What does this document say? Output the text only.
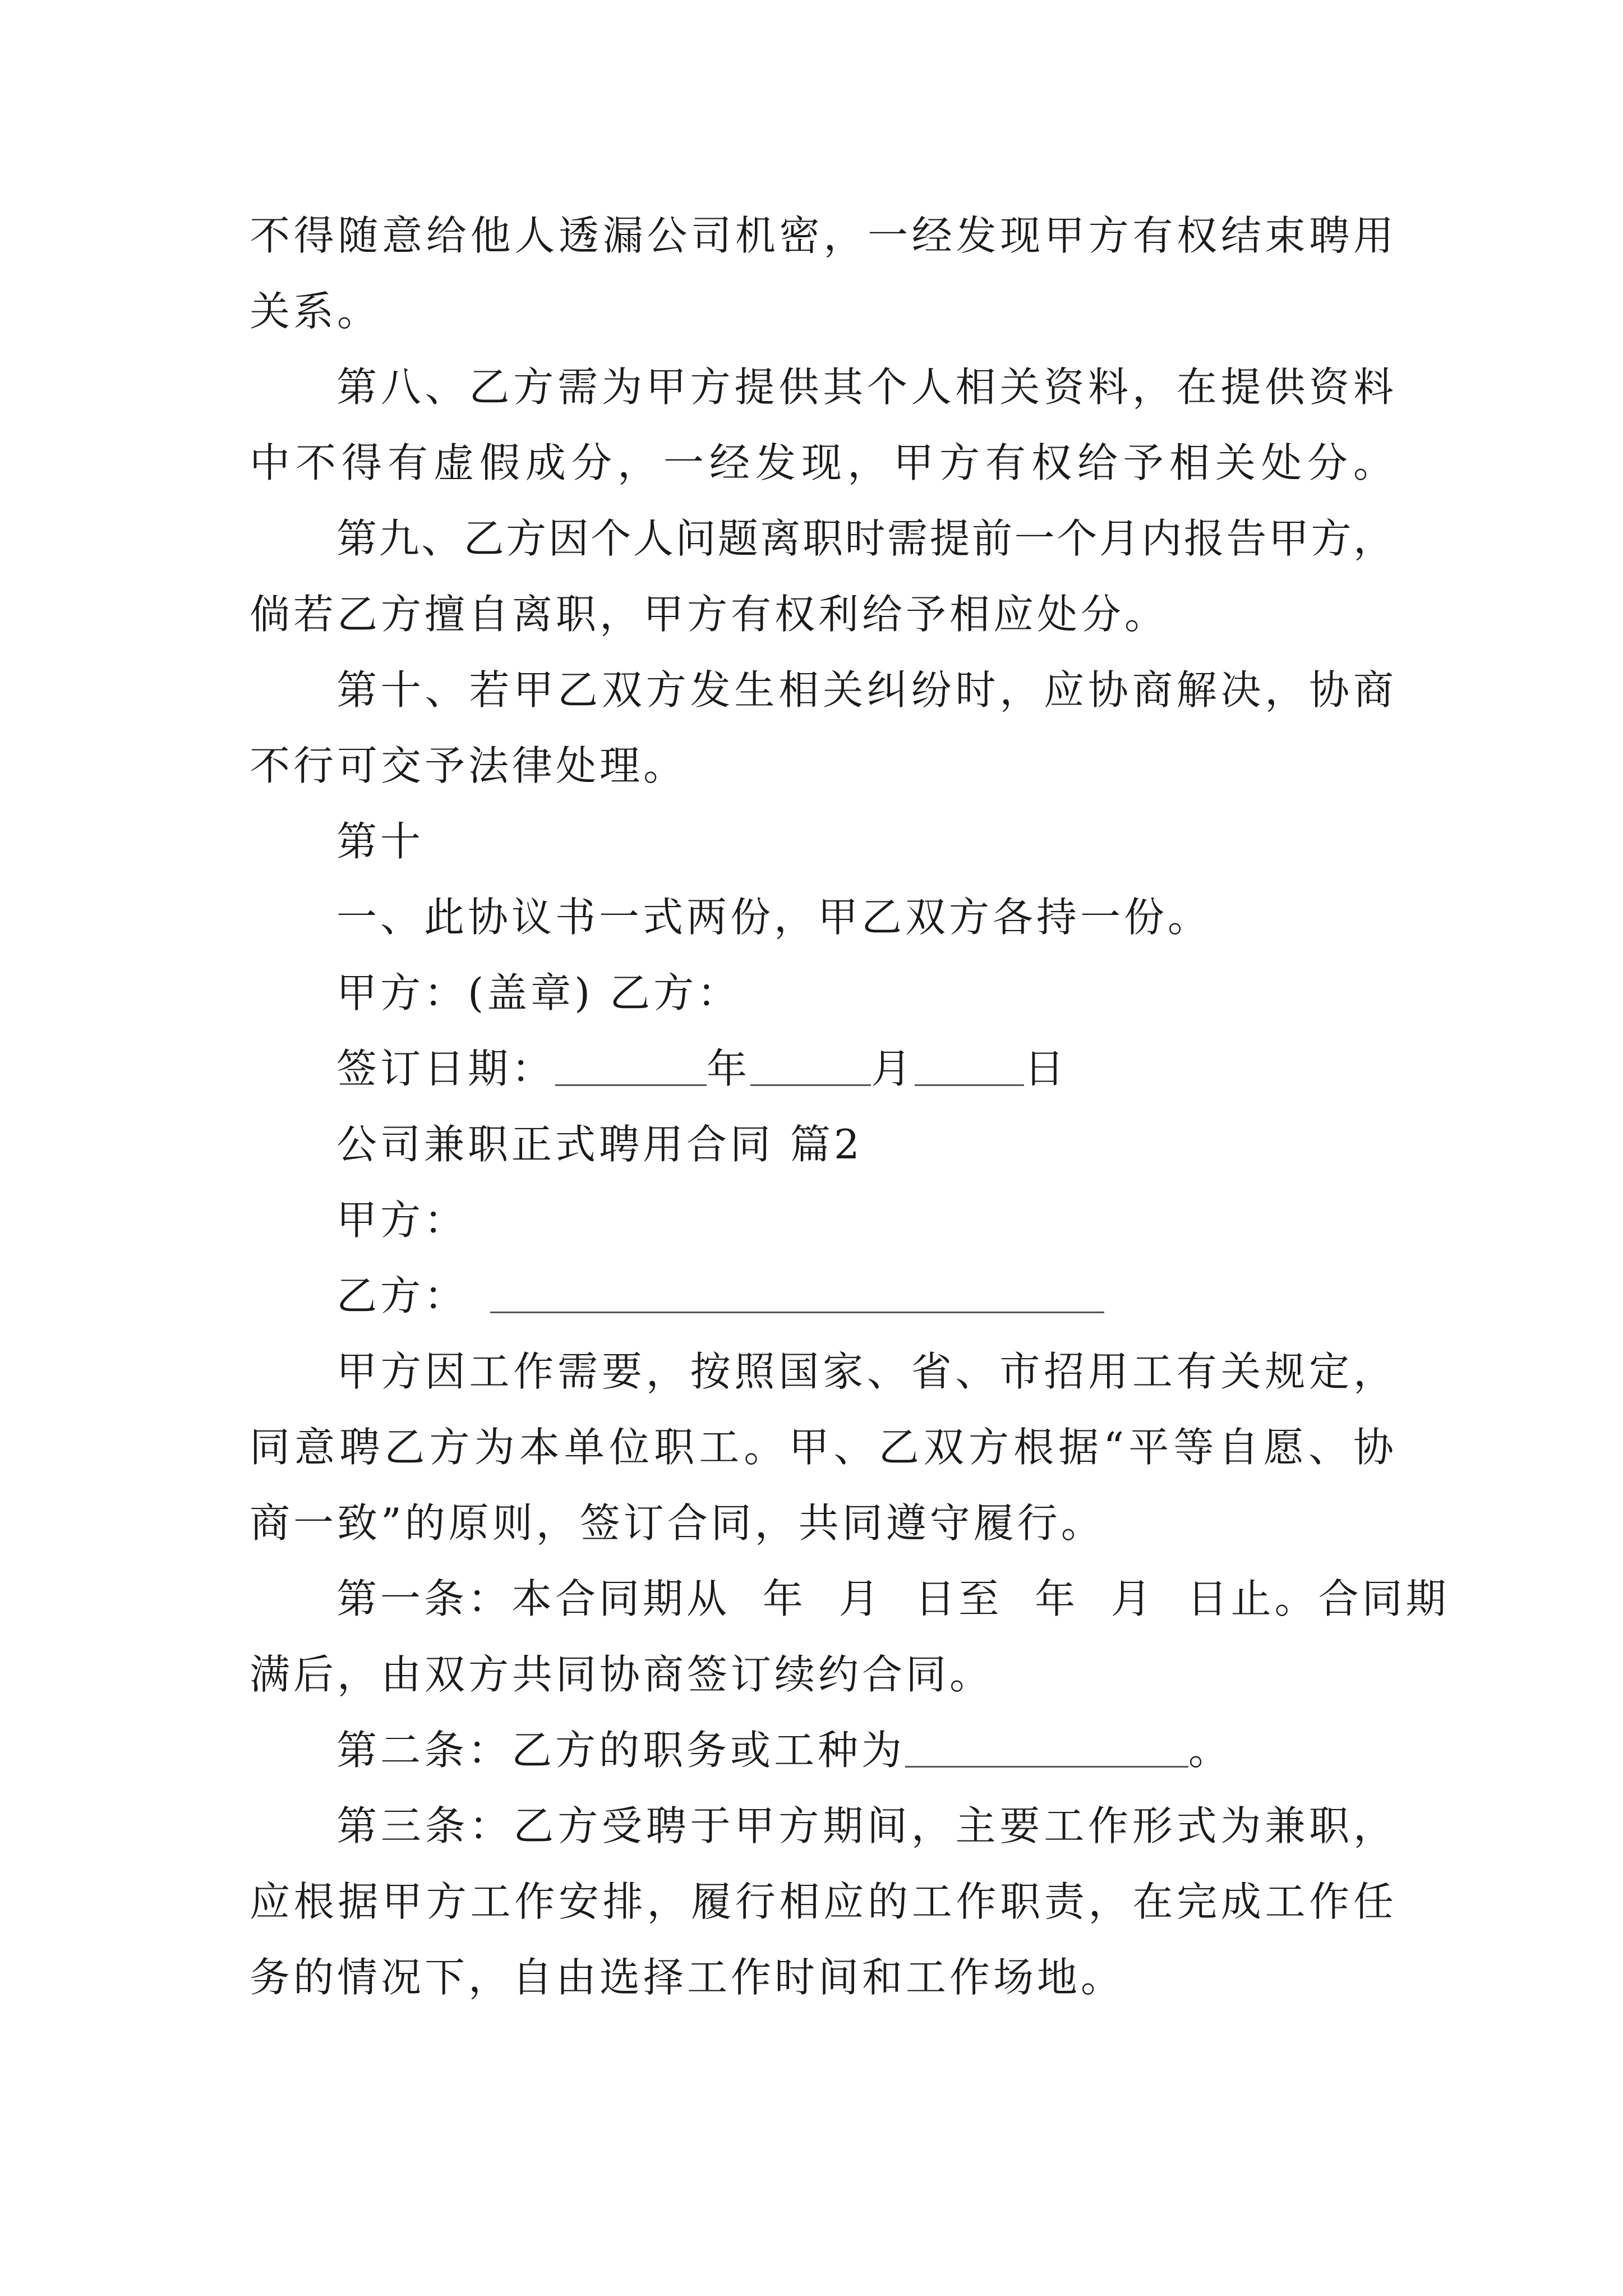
不得随意给他人透漏公司机密，一经发现甲方有权结束聘用
关系。
第八、乙方需为甲方提供其个人相关资料，在提供资料
中不得有虚假成分，一经发现，甲方有权给予相关处分。
第九、乙方因个人问题离职时需提前一个月内报告甲方，
倘若乙方擅自离职，甲方有权利给予相应处分。
第十、若甲乙双方发生相关纠纷时，应协商解决，协商
不行可交予法律处理。
第十
一、此协议书一式两份，甲乙双方各持一份。
甲方：(盖章) 乙方：
签订日期：	年	月	日
公司兼职正式聘用合同 篇2
甲方：
乙方：
甲方因工作需要，按照国家、省、市招用工有关规定，
同意聘乙方为本单位职工。甲、乙双方根据“平等自愿、协
商一致”的原则，签订合同，共同遵守履行。
第一条：本合同期从  年  月  日至  年  月  日止。合同期
满后，由双方共同协商签订续约合同。
第二条：乙方的职务或工种为	。
第三条：乙方受聘于甲方期间，主要工作形式为兼职，
应根据甲方工作安排，履行相应的工作职责，在完成工作任
务的情况下，自由选择工作时间和工作场地。
